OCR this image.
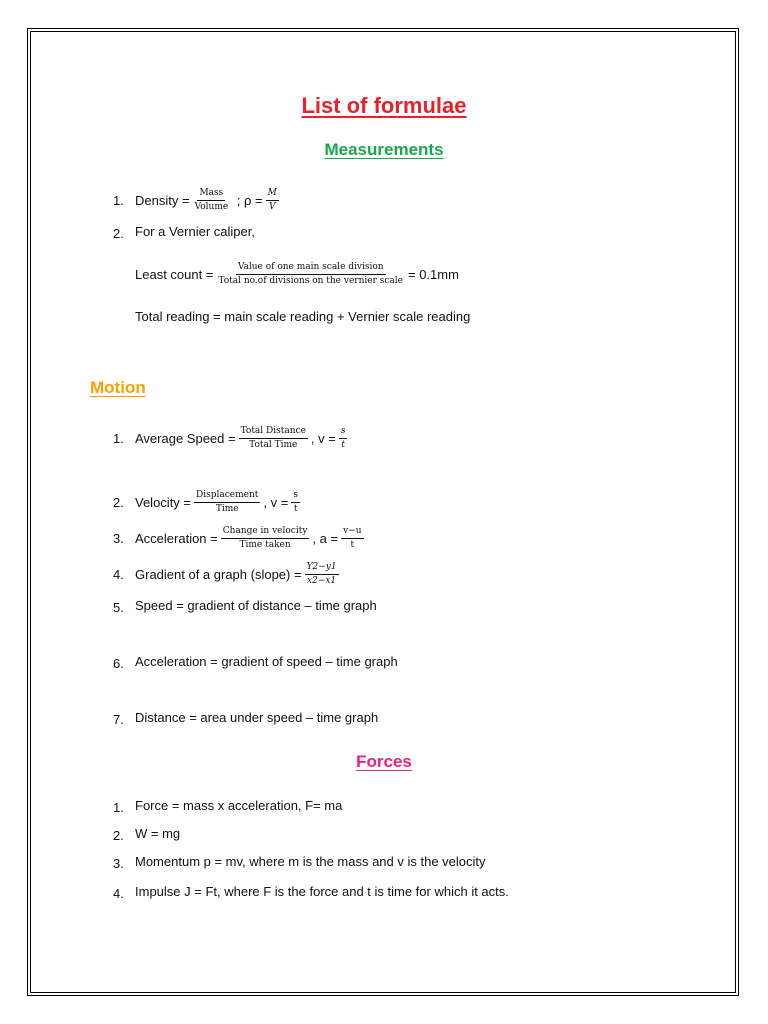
List of formulae
Measurements
1. Density = $\frac{\text{Mass}}{\text{Volume}}$ ; $\rho = \frac{M}{V}$
2. For a Vernier caliper,
Least count = $\frac{\text{Value of one main scale division}}{\text{Total no.of divisions on the vernier scale}} = 0.1mm$
Total reading = main scale reading + Vernier scale reading
Motion
1. Average Speed = $\frac{\text{Total Distance}}{\text{Total Time}}$ , $v = \frac{s}{t}$
2. Velocity = $\frac{\text{Displacement}}{\text{Time}}$ , $v = \frac{s}{t}$
3. Acceleration = $\frac{\text{Change in velocity}}{\text{Time taken}}$ , $a = \frac{v-u}{t}$
4. Gradient of a graph (slope) = $\frac{Y2-y1}{x2-x1}$
5. Speed = gradient of distance – time graph
6. Acceleration = gradient of speed – time graph
7. Distance = area under speed – time graph
Forces
1. Force = mass x acceleration, F= ma
2. W = mg
3. Momentum p = mv, where m is the mass and v is the velocity
4. Impulse J = Ft, where F is the force and t is time for which it acts.
